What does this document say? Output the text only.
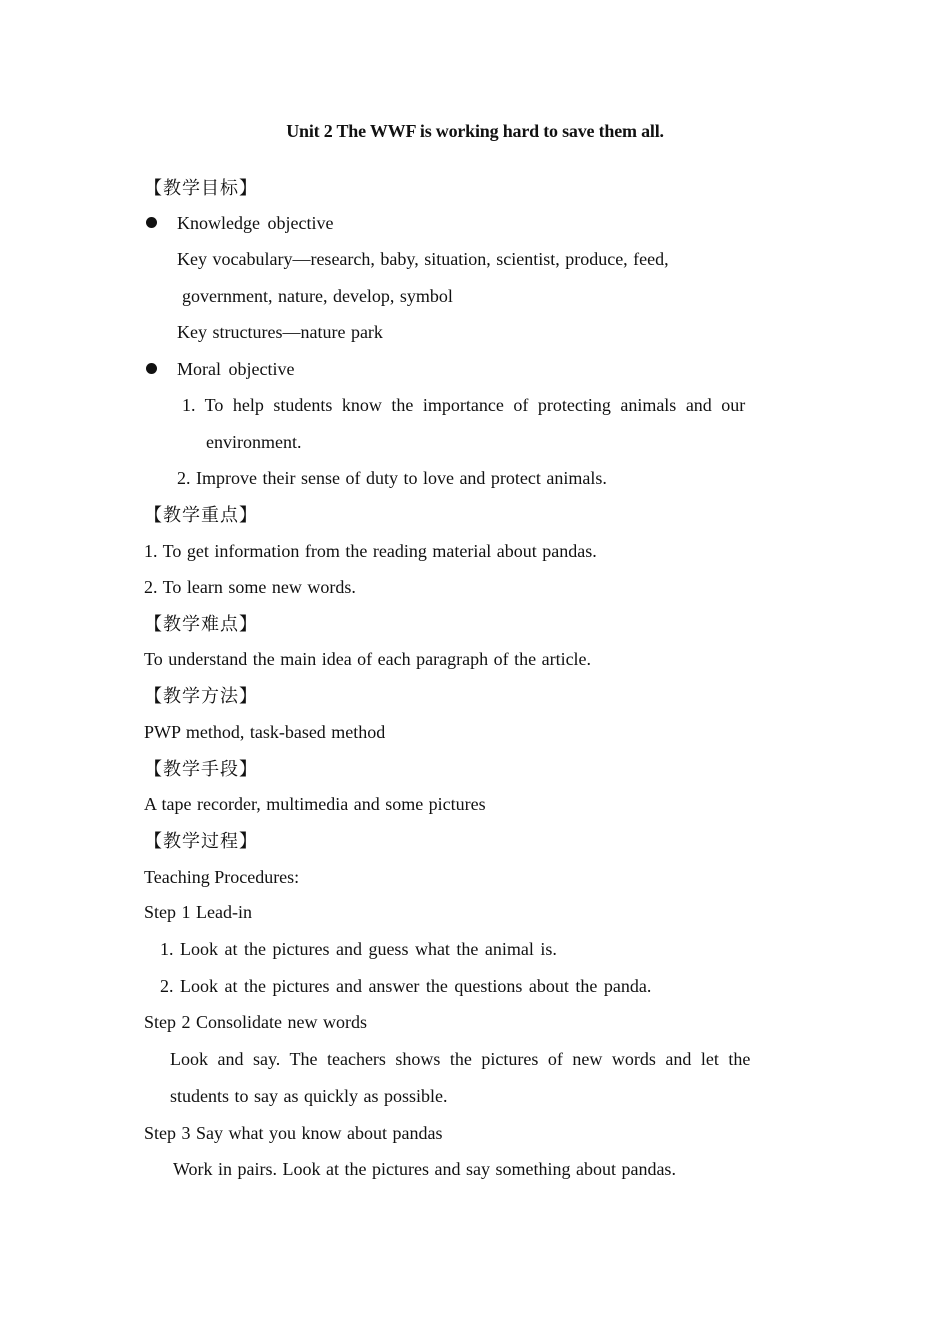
Unit 2 The WWF is working hard to save them all.
【教学目标】
Knowledge objective
Key vocabulary—research, baby, situation, scientist, produce, feed,
government, nature, develop, symbol
Key structures—nature park
Moral objective
1. To help students know the importance of protecting animals and our
environment.
2. Improve their sense of duty to love and protect animals.
【教学重点】
1. To get information from the reading material about pandas.
2. To learn some new words.
【教学难点】
To understand the main idea of each paragraph of the article.
【教学方法】
PWP method, task-based method
【教学手段】
A tape recorder, multimedia and some pictures
【教学过程】
Teaching Procedures:
Step 1 Lead-in
1. Look at the pictures and guess what the animal is.
2. Look at the pictures and answer the questions about the panda.
Step 2 Consolidate new words
Look and say. The teachers shows the pictures of new words and let the
students to say as quickly as possible.
Step 3 Say what you know about pandas
Work in pairs. Look at the pictures and say something about pandas.
